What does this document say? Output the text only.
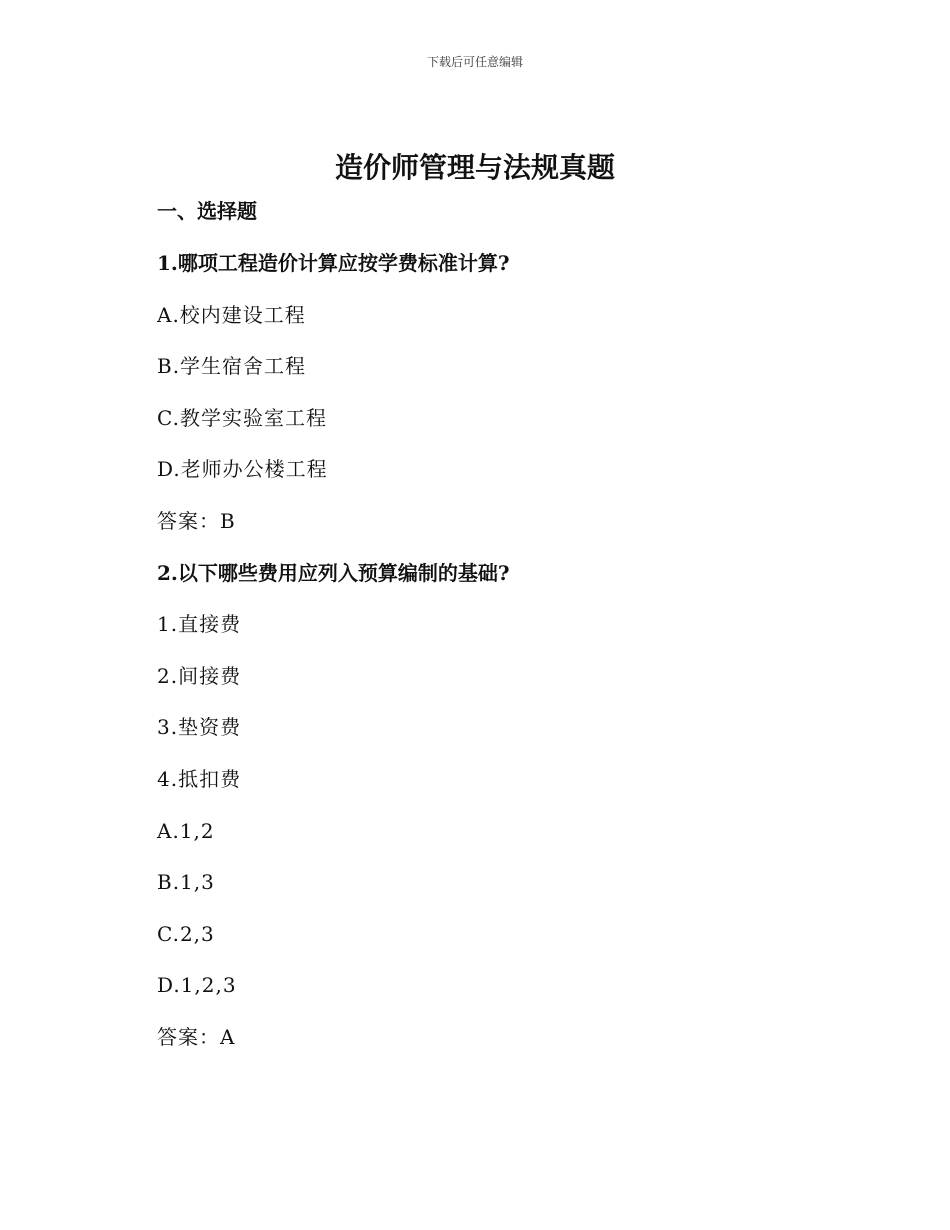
下载后可任意编辑
造价师管理与法规真题
一、选择题
1.哪项工程造价计算应按学费标准计算?
A.校内建设工程
B.学生宿舍工程
C.教学实验室工程
D.老师办公楼工程
答案：B
2.以下哪些费用应列入预算编制的基础?
1.直接费
2.间接费
3.垫资费
4.抵扣费
A.1,2
B.1,3
C.2,3
D.1,2,3
答案：A
